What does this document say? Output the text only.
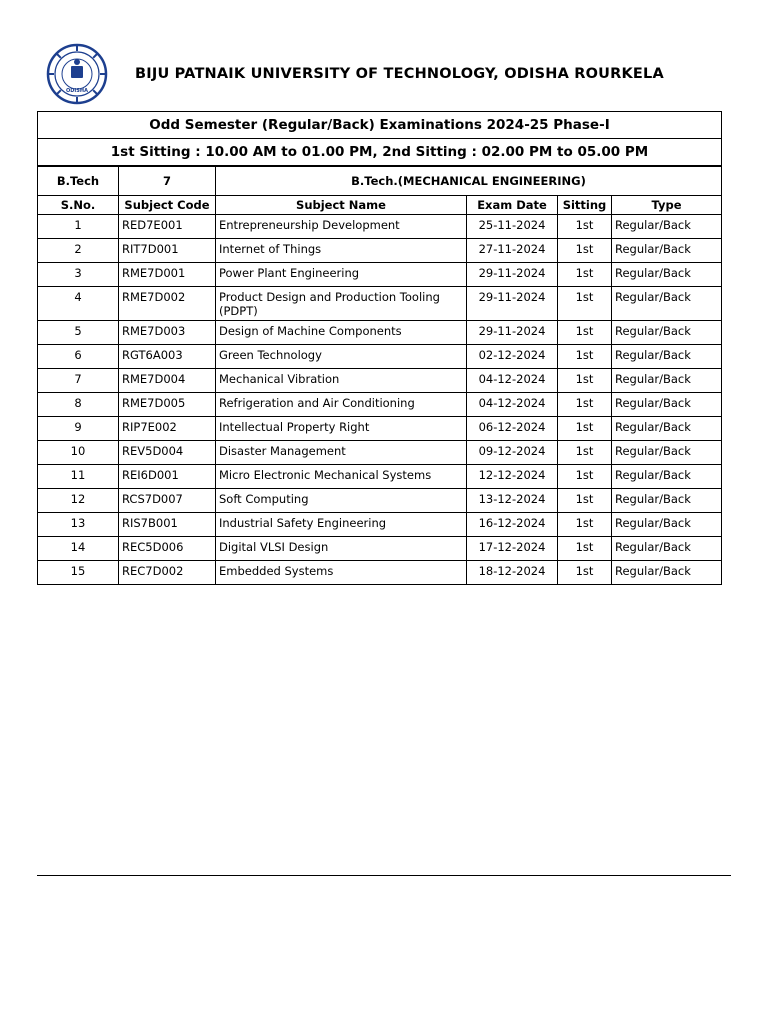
ODISHA
BIJU PATNAIK UNIVERSITY OF TECHNOLOGY, ODISHA ROURKELA
Odd Semester (Regular/Back) Examinations 2024-25 Phase-I					
1st Sitting : 10.00 AM to 01.00 PM, 2nd Sitting : 02.00 PM to 05.00 PM					
B.Tech	7	B.Tech.(MECHANICAL ENGINEERING)			
S.No.	Subject Code	Subject Name	Exam Date	Sitting	Type
1	RED7E001	Entrepreneurship Development	25-11-2024	1st	Regular/Back
2	RIT7D001	Internet of Things	27-11-2024	1st	Regular/Back
3	RME7D001	Power Plant Engineering	29-11-2024	1st	Regular/Back
4	RME7D002	Product Design and Production Tooling (PDPT)	29-11-2024	1st	Regular/Back
5	RME7D003	Design of Machine Components	29-11-2024	1st	Regular/Back
6	RGT6A003	Green Technology	02-12-2024	1st	Regular/Back
7	RME7D004	Mechanical Vibration	04-12-2024	1st	Regular/Back
8	RME7D005	Refrigeration and Air Conditioning	04-12-2024	1st	Regular/Back
9	RIP7E002	Intellectual Property Right	06-12-2024	1st	Regular/Back
10	REV5D004	Disaster Management	09-12-2024	1st	Regular/Back
11	REI6D001	Micro Electronic Mechanical Systems	12-12-2024	1st	Regular/Back
12	RCS7D007	Soft Computing	13-12-2024	1st	Regular/Back
13	RIS7B001	Industrial Safety Engineering	16-12-2024	1st	Regular/Back
14	REC5D006	Digital VLSI Design	17-12-2024	1st	Regular/Back
15	REC7D002	Embedded Systems	18-12-2024	1st	Regular/Back
